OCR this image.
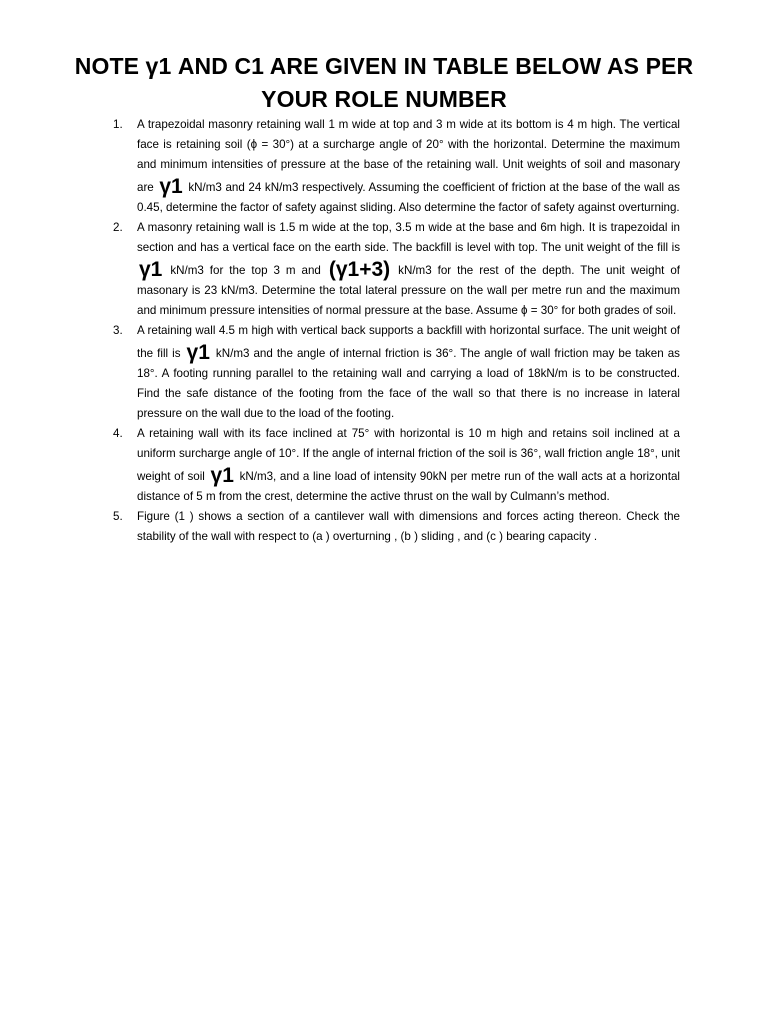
NOTE γ1 AND C1 ARE GIVEN IN TABLE BELOW AS PER YOUR ROLE NUMBER
1. A trapezoidal masonry retaining wall 1 m wide at top and 3 m wide at its bottom is 4 m high. The vertical face is retaining soil (ϕ = 30°) at a surcharge angle of 20° with the horizontal. Determine the maximum and minimum intensities of pressure at the base of the retaining wall. Unit weights of soil and masonary are γ1 kN/m3 and 24 kN/m3 respectively. Assuming the coefficient of friction at the base of the wall as 0.45, determine the factor of safety against sliding. Also determine the factor of safety against overturning.
2. A masonry retaining wall is 1.5 m wide at the top, 3.5 m wide at the base and 6m high. It is trapezoidal in section and has a vertical face on the earth side. The backfill is level with top. The unit weight of the fill is γ1 kN/m3 for the top 3 m and (γ1+3) kN/m3 for the rest of the depth. The unit weight of masonary is 23 kN/m3. Determine the total lateral pressure on the wall per metre run and the maximum and minimum pressure intensities of normal pressure at the base. Assume ϕ = 30° for both grades of soil.
3. A retaining wall 4.5 m high with vertical back supports a backfill with horizontal surface. The unit weight of the fill is γ1 kN/m3 and the angle of internal friction is 36°. The angle of wall friction may be taken as 18°. A footing running parallel to the retaining wall and carrying a load of 18kN/m is to be constructed. Find the safe distance of the footing from the face of the wall so that there is no increase in lateral pressure on the wall due to the load of the footing.
4. A retaining wall with its face inclined at 75° with horizontal is 10 m high and retains soil inclined at a uniform surcharge angle of 10°. If the angle of internal friction of the soil is 36°, wall friction angle 18°, unit weight of soil γ1 kN/m3, and a line load of intensity 90kN per metre run of the wall acts at a horizontal distance of 5 m from the crest, determine the active thrust on the wall by Culmann’s method.
5. Figure (1 ) shows a section of a cantilever wall with dimensions and forces acting thereon. Check the stability of the wall with respect to (a ) overturning , (b ) sliding , and (c ) bearing capacity .
